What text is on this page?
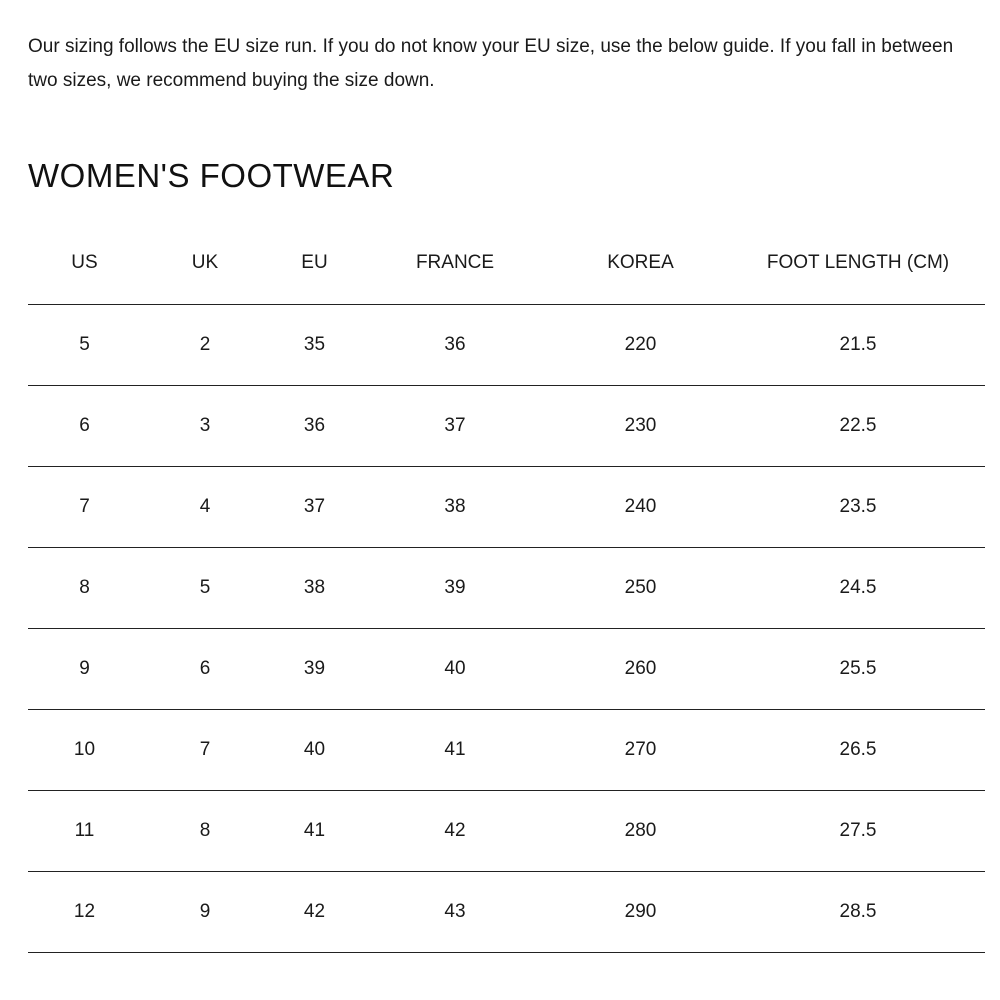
Our sizing follows the EU size run. If you do not know your EU size, use the below guide. If you fall in between two sizes, we recommend buying the size down.

WOMEN'S FOOTWEAR
US	UK	EU	FRANCE	KOREA	FOOT LENGTH (CM)
5	2	35	36	220	21.5
6	3	36	37	230	22.5
7	4	37	38	240	23.5
8	5	38	39	250	24.5
9	6	39	40	260	25.5
10	7	40	41	270	26.5
11	8	41	42	280	27.5
12	9	42	43	290	28.5
